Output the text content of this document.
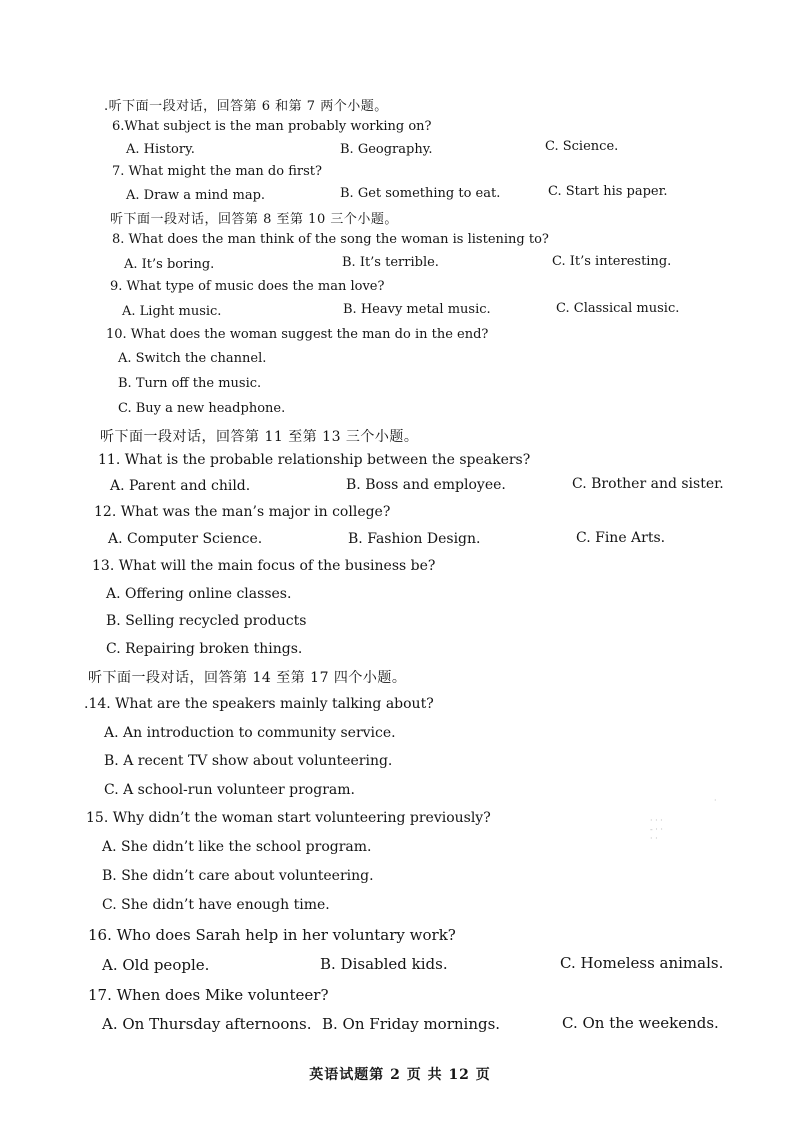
.听下面一段对话，回答第 6 和第 7 两个小题。
6.What subject is the man probably working on?
A. History.	B. Geography.	C. Science.
7. What might the man do first?
A. Draw a mind map.	B. Get something to eat.	C. Start his paper.
听下面一段对话，回答第 8 至第 10 三个小题。
8. What does the man think of the song the woman is listening to?
A. It’s boring.	B. It’s terrible.	C. It’s interesting.
9. What type of music does the man love?
A. Light music.	B. Heavy metal music.	C. Classical music.
10. What does the woman suggest the man do in the end?
A. Switch the channel.
B. Turn off the music.
C. Buy a new headphone.
听下面一段对话，回答第 11 至第 13 三个小题。
11. What is the probable relationship between the speakers?
A. Parent and child.	B. Boss and employee.	C. Brother and sister.
12. What was the man’s major in college?
A. Computer Science.	B. Fashion Design.	C. Fine Arts.
13. What will the main focus of the business be?
A. Offering online classes.
B. Selling recycled products
C. Repairing broken things.
听下面一段对话，回答第 14 至第 17 四个小题。
.14. What are the speakers mainly talking about?
A. An introduction to community service.
B. A recent TV show about volunteering.
C. A school-run volunteer program.
15. Why didn’t the woman start volunteering previously?
A. She didn’t like the school program.
B. She didn’t care about volunteering.
C. She didn’t have enough time.
16. Who does Sarah help in her voluntary work?
A. Old people.	B. Disabled kids.	C. Homeless animals.
17. When does Mike volunteer?
A. On Thursday afternoons. B. On Friday mornings.	C. On the weekends.
·
· · ·
- · ·
· ·
英语试题第 2 页 共 12 页
